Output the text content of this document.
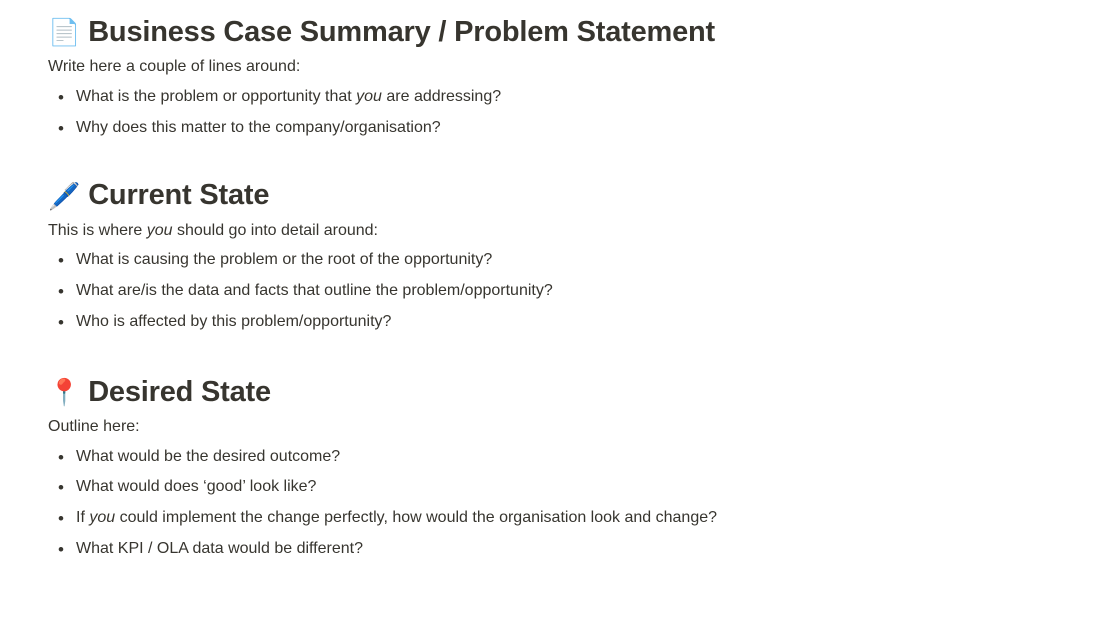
📄 Business Case Summary / Problem Statement

Write here a couple of lines around:

• What is the problem or opportunity that you are addressing?
• Why does this matter to the company/organisation?
🖊️ Current State

This is where you should go into detail around:

• What is causing the problem or the root of the opportunity?
• What are/is the data and facts that outline the problem/opportunity?
• Who is affected by this problem/opportunity?
📍 Desired State

Outline here:

• What would be the desired outcome?
• What would does ‘good’ look like?
• If you could implement the change perfectly, how would the organisation look and change?
• What KPI / OLA data would be different?
